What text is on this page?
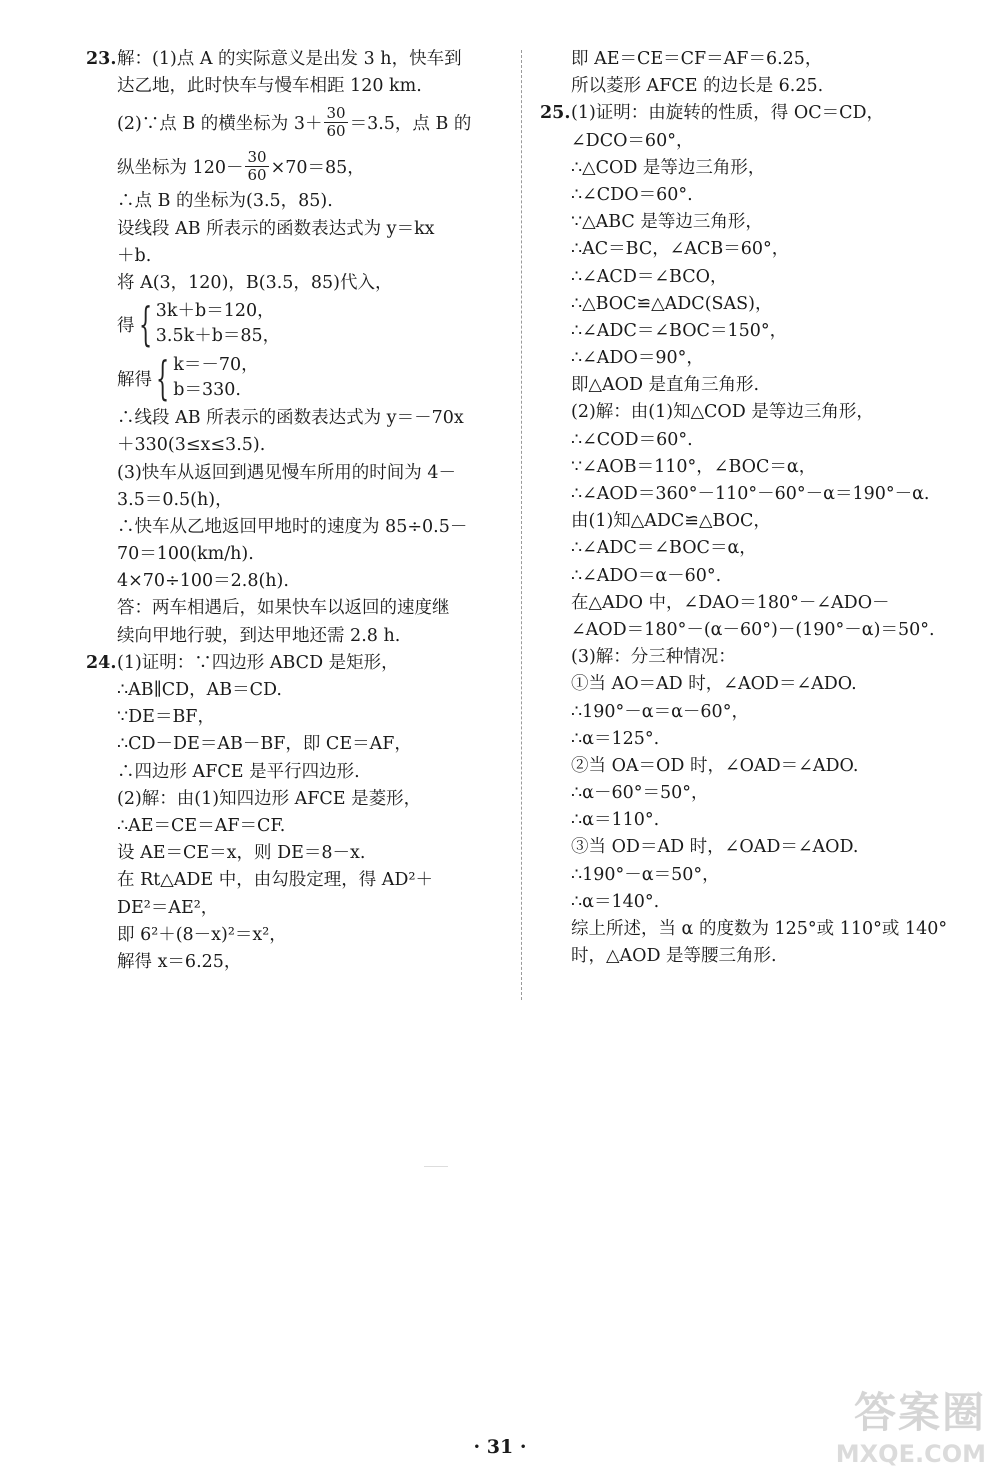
23.解：(1)点 A 的实际意义是出发 3 h，快车到
达乙地，此时快车与慢车相距 120 km.
(2)∵点 B 的横坐标为 $3+ \frac{30}{60} =3.5$，点 B 的
纵坐标为 $120- \frac{30}{60} \times 70=85$，
∴点 B 的坐标为(3.5，85).
设线段 AB 所表示的函数表达式为 y＝kx
＋b.
将 A(3，120)，B(3.5，85)代入，
得 { 3k＋b＝120，
3.5k＋b＝85，
解得 { k＝－70，
b＝330.
∴线段 AB 所表示的函数表达式为 y＝－70x
＋330(3≤x≤3.5).
(3)快车从返回到遇见慢车所用的时间为 4－
3.5＝0.5(h)，
∴快车从乙地返回甲地时的速度为 85÷0.5－
70＝100(km/h).
4×70÷100＝2.8(h).
答：两车相遇后，如果快车以返回的速度继
续向甲地行驶，到达甲地还需 2.8 h.
24.(1)证明：∵四边形 ABCD 是矩形，
∴AB∥CD，AB＝CD.
∵DE＝BF，
∴CD－DE＝AB－BF，即 CE＝AF，
∴四边形 AFCE 是平行四边形.
(2)解：由(1)知四边形 AFCE 是菱形，
∴AE＝CE＝AF＝CF.
设 AE＝CE＝x，则 DE＝8－x.
在 Rt△ADE 中，由勾股定理，得 AD²＋
DE²＝AE²，
即 6²＋(8－x)²＝x²，
解得 x＝6.25，
即 AE＝CE＝CF＝AF＝6.25，
所以菱形 AFCE 的边长是 6.25.
25.(1)证明：由旋转的性质，得 OC＝CD，
∠DCO＝60°，
∴△COD 是等边三角形，
∴∠CDO＝60°.
∵△ABC 是等边三角形，
∴AC＝BC，∠ACB＝60°，
∴∠ACD＝∠BCO，
∴△BOC≌△ADC(SAS)，
∴∠ADC＝∠BOC＝150°，
∴∠ADO＝90°，
即△AOD 是直角三角形.
(2)解：由(1)知△COD 是等边三角形，
∴∠COD＝60°.
∵∠AOB＝110°，∠BOC＝α，
∴∠AOD＝360°－110°－60°－α＝190°－α.
由(1)知△ADC≌△BOC，
∴∠ADC＝∠BOC＝α，
∴∠ADO＝α－60°.
在△ADO 中，∠DAO＝180°－∠ADO－
∠AOD＝180°－(α－60°)－(190°－α)＝50°.
(3)解：分三种情况：
①当 AO＝AD 时，∠AOD＝∠ADO.
∴190°－α＝α－60°，
∴α＝125°.
②当 OA＝OD 时，∠OAD＝∠ADO.
∴α－60°＝50°，
∴α＝110°.
③当 OD＝AD 时，∠OAD＝∠AOD.
∴190°－α＝50°，
∴α＝140°.
综上所述，当 α 的度数为 125°或 110°或 140°
时，△AOD 是等腰三角形.
· 31 ·
答案圈
MXQE.COM
